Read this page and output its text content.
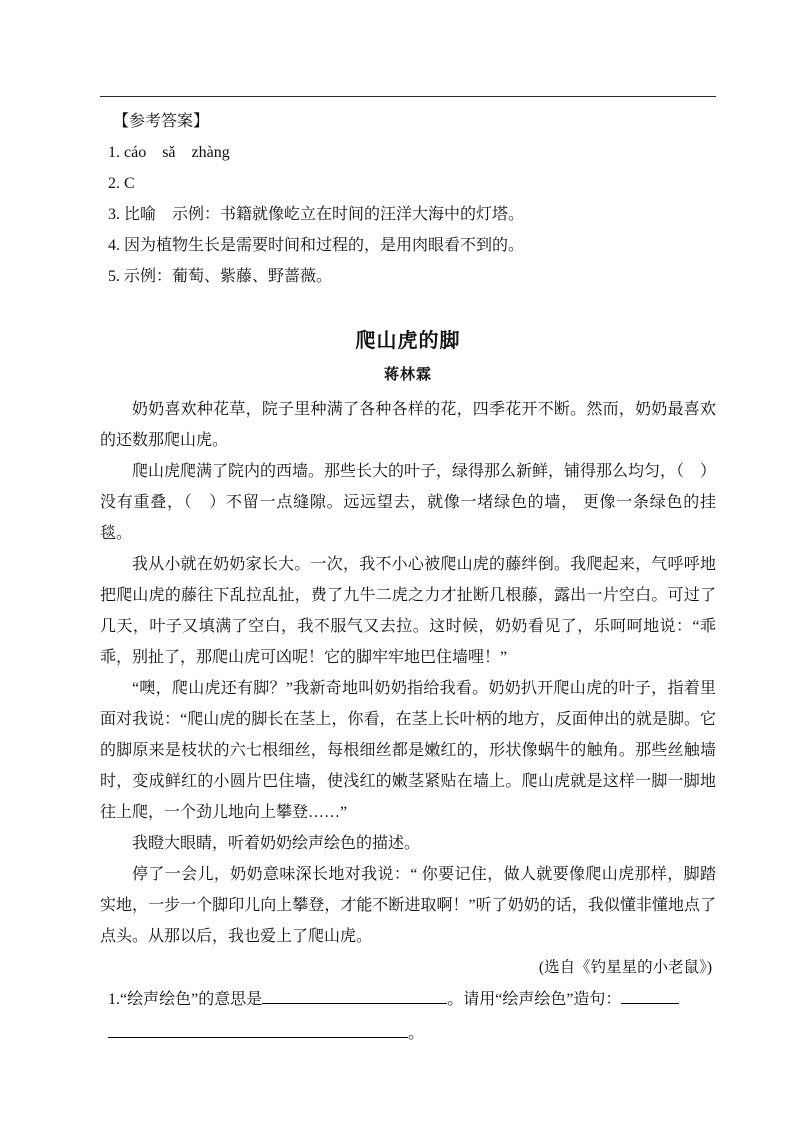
【参考答案】

1. cáo　sǎ　zhàng

2. C

3. 比喻　示例：书籍就像屹立在时间的汪洋大海中的灯塔。

4. 因为植物生长是需要时间和过程的，是用肉眼看不到的。

5. 示例：葡萄、紫藤、野蔷薇。

爬山虎的脚

蒋林霖

奶奶喜欢种花草，院子里种满了各种各样的花，四季花开不断。然而，奶奶最喜欢的还数那爬山虎。

爬山虎爬满了院内的西墙。那些长大的叶子，绿得那么新鲜，铺得那么均匀，（　）没有重叠，（　）不留一点缝隙。远远望去，就像一堵绿色的墙， 更像一条绿色的挂毯。

我从小就在奶奶家长大。一次，我不小心被爬山虎的藤绊倒。我爬起来，气呼呼地把爬山虎的藤往下乱拉乱扯，费了九牛二虎之力才扯断几根藤，露出一片空白。可过了几天，叶子又填满了空白，我不服气又去拉。这时候，奶奶看见了，乐呵呵地说：“乖乖，别扯了，那爬山虎可凶呢！它的脚牢牢地巴住墙哩！”

“噢，爬山虎还有脚？”我新奇地叫奶奶指给我看。奶奶扒开爬山虎的叶子，指着里面对我说：“爬山虎的脚长在茎上，你看，在茎上长叶柄的地方，反面伸出的就是脚。它的脚原来是枝状的六七根细丝，每根细丝都是嫩红的，形状像蜗牛的触角。那些丝触墙时，变成鲜红的小圆片巴住墙，使浅红的嫩茎紧贴在墙上。爬山虎就是这样一脚一脚地往上爬，一个劲儿地向上攀登……”

我瞪大眼睛，听着奶奶绘声绘色的描述。

停了一会儿，奶奶意味深长地对我说：“ 你要记住，做人就要像爬山虎那样，脚踏实地，一步一个脚印儿向上攀登，才能不断进取啊！”听了奶奶的话，我似懂非懂地点了点头。从那以后，我也爱上了爬山虎。

(选自《钓星星的小老鼠》)

1.“绘声绘色”的意思是	。请用“绘声绘色”造句：
。
